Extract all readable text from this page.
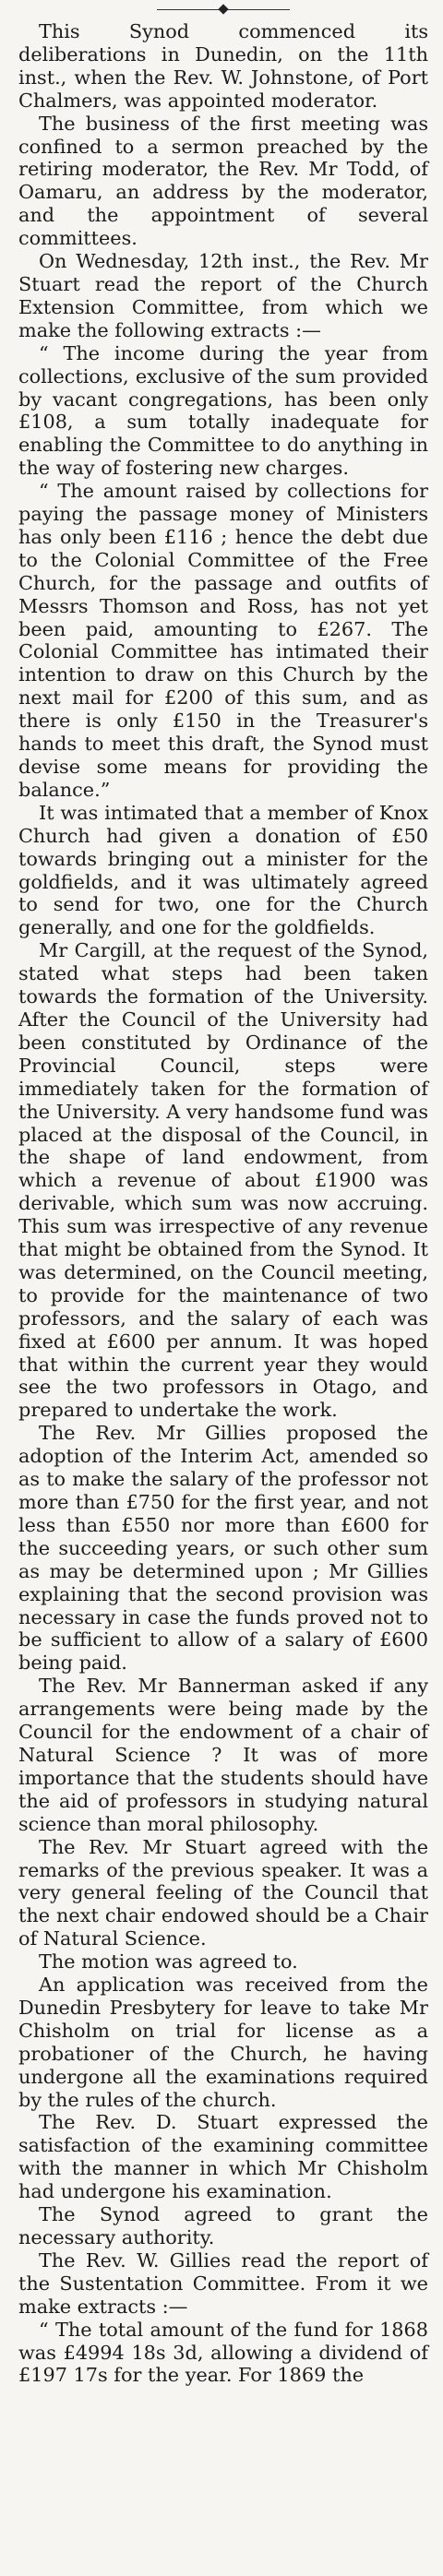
This Synod commenced its deliberations in Dunedin, on the 11th inst., when the Rev. W. Johnstone, of Port Chalmers, was appointed moderator.

The business of the first meeting was confined to a sermon preached by the retiring moderator, the Rev. Mr Todd, of Oamaru, an address by the moderator, and the appointment of several committees.

On Wednesday, 12th inst., the Rev. Mr Stuart read the report of the Church Extension Committee, from which we make the following extracts :—

“ The income during the year from collections, exclusive of the sum provided by vacant congregations, has been only £108, a sum totally inadequate for enabling the Committee to do anything in the way of fostering new charges.

“ The amount raised by collections for paying the passage money of Ministers has only been £116 ; hence the debt due to the Colonial Committee of the Free Church, for the passage and outfits of Messrs Thomson and Ross, has not yet been paid, amounting to £267. The Colonial Committee has intimated their intention to draw on this Church by the next mail for £200 of this sum, and as there is only £150 in the Treasurer's hands to meet this draft, the Synod must devise some means for providing the balance.”

It was intimated that a member of Knox Church had given a donation of £50 towards bringing out a minister for the goldfields, and it was ultimately agreed to send for two, one for the Church generally, and one for the goldfields.

Mr Cargill, at the request of the Synod, stated what steps had been taken towards the formation of the University. After the Council of the University had been constituted by Ordinance of the Provincial Council, steps were immediately taken for the formation of the University. A very handsome fund was placed at the disposal of the Council, in the shape of land endowment, from which a revenue of about £1900 was derivable, which sum was now accruing. This sum was irrespective of any revenue that might be obtained from the Synod. It was determined, on the Council meeting, to provide for the maintenance of two professors, and the salary of each was fixed at £600 per annum. It was hoped that within the current year they would see the two professors in Otago, and prepared to undertake the work.

The Rev. Mr Gillies proposed the adoption of the Interim Act, amended so as to make the salary of the professor not more than £750 for the first year, and not less than £550 nor more than £600 for the succeeding years, or such other sum as may be determined upon ; Mr Gillies explaining that the second provision was necessary in case the funds proved not to be sufficient to allow of a salary of £600 being paid.

The Rev. Mr Bannerman asked if any arrangements were being made by the Council for the endowment of a chair of Natural Science ? It was of more importance that the students should have the aid of professors in studying natural science than moral philosophy.

The Rev. Mr Stuart agreed with the remarks of the previous speaker. It was a very general feeling of the Council that the next chair endowed should be a Chair of Natural Science.

The motion was agreed to.

An application was received from the Dunedin Presbytery for leave to take Mr Chisholm on trial for license as a probationer of the Church, he having undergone all the examinations required by the rules of the church.

The Rev. D. Stuart expressed the satisfaction of the examining committee with the manner in which Mr Chisholm had undergone his examination.

The Synod agreed to grant the necessary authority.

The Rev. W. Gillies read the report of the Sustentation Committee. From it we make extracts :—

“ The total amount of the fund for 1868 was £4994 18s 3d, allowing a dividend of £197 17s for the year. For 1869 the
